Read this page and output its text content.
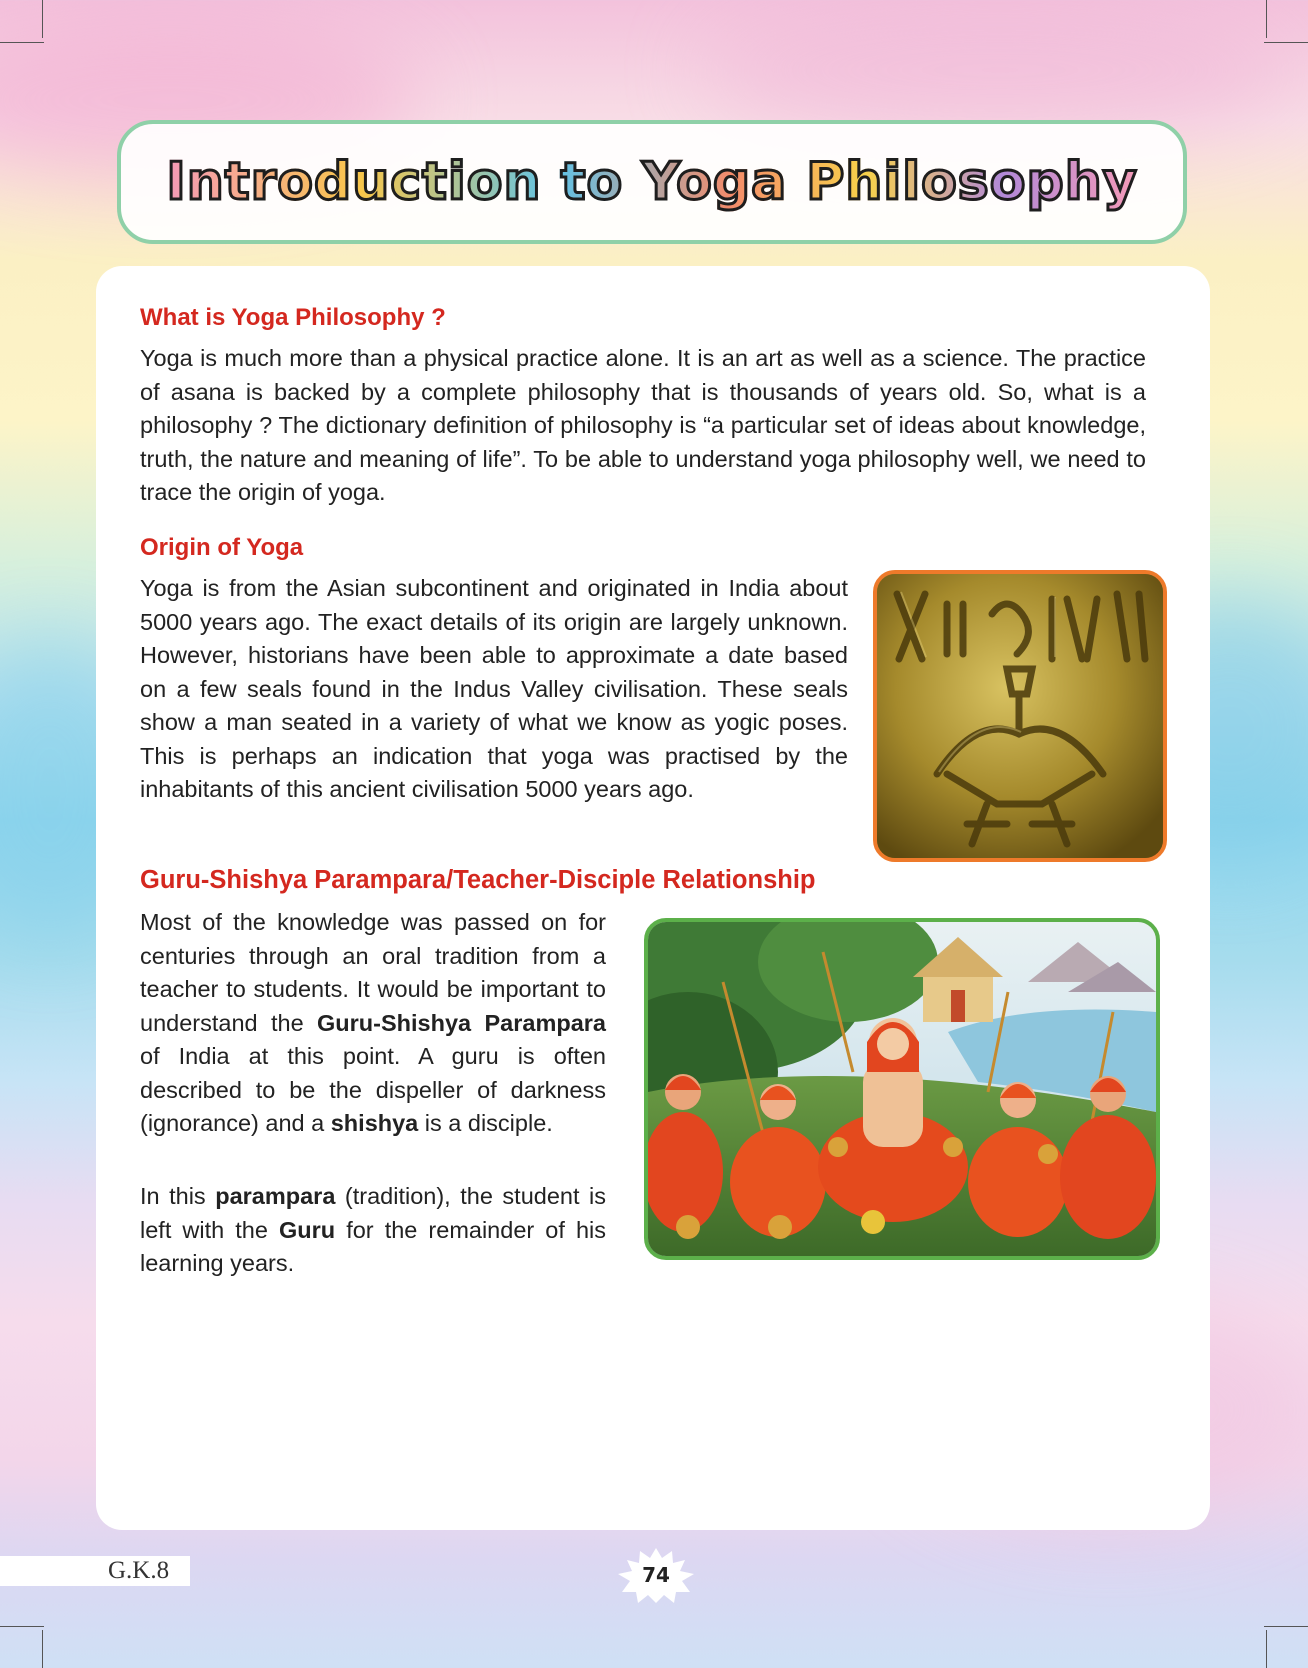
Introduction to Yoga Philosophy
What is Yoga Philosophy ?

Yoga is much more than a physical practice alone. It is an art as well as a science. The practice of asana is backed by a complete philosophy that is thousands of years old. So, what is a philosophy ? The dictionary definition of philosophy is “a particular set of ideas about knowledge, truth, the nature and meaning of life”. To be able to understand yoga philosophy well, we need to trace the origin of yoga.

Origin of Yoga

Yoga is from the Asian subcontinent and originated in India about 5000 years ago. The exact details of its origin are largely unknown. However, historians have been able to approximate a date based on a few seals found in the Indus Valley civilisation. These seals show a man seated in a variety of what we know as yogic poses. This is perhaps an indication that yoga was practised by the inhabitants of this ancient civilisation 5000 years ago.

Guru-Shishya Parampara/Teacher-Disciple Relationship

Most of the knowledge was passed on for centuries through an oral tradition from a teacher to students. It would be important to understand the Guru-Shishya Parampara of India at this point. A guru is often described to be the dispeller of darkness (ignorance) and a shishya is a disciple.

In this parampara (tradition), the student is left with the Guru for the remainder of his learning years.

G.K.8	74
